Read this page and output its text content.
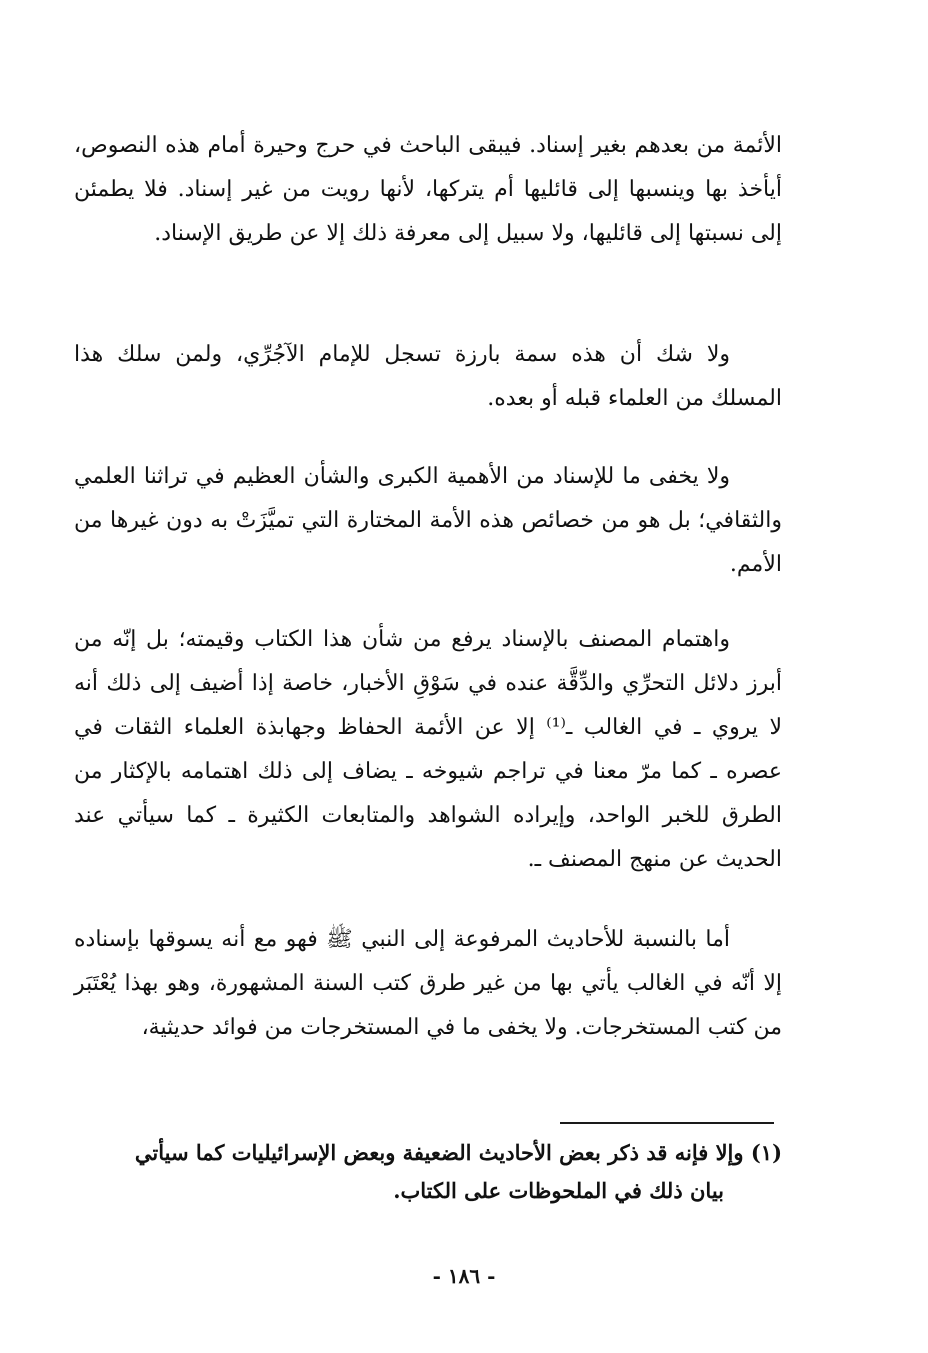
الأئمة من بعدهم بغير إسناد. فيبقى الباحث في حرج وحيرة أمام هذه النصوص، أيأخذ بها وينسبها إلى قائليها أم يتركها، لأنها رويت من غير إسناد. فلا يطمئن إلى نسبتها إلى قائليها، ولا سبيل إلى معرفة ذلك إلا عن طريق الإسناد.

ولا شك أن هذه سمة بارزة تسجل للإمام الآجُرِّي، ولمن سلك هذا المسلك من العلماء قبله أو بعده.

ولا يخفى ما للإسناد من الأهمية الكبرى والشأن العظيم في تراثنا العلمي والثقافي؛ بل هو من خصائص هذه الأمة المختارة التي تميَّزَتْ به دون غيرها من الأمم.

واهتمام المصنف بالإسناد يرفع من شأن هذا الكتاب وقيمته؛ بل إنّه من أبرز دلائل التحرِّي والدِّقَّة عنده في سَوْقِ الأخبار، خاصة إذا أضيف إلى ذلك أنه لا يروي ـ في الغالب ـ⁽¹⁾ إلا عن الأئمة الحفاظ وجهابذة العلماء الثقات في عصره ـ كما مرّ معنا في تراجم شيوخه ـ يضاف إلى ذلك اهتمامه بالإكثار من الطرق للخبر الواحد، وإيراده الشواهد والمتابعات الكثيرة ـ كما سيأتي عند الحديث عن منهج المصنف ـ.

أما بالنسبة للأحاديث المرفوعة إلى النبي ﷺ فهو مع أنه يسوقها بإسناده إلا أنّه في الغالب يأتي بها من غير طرق كتب السنة المشهورة، وهو بهذا يُعْتَبَر من كتب المستخرجات. ولا يخفى ما في المستخرجات من فوائد حديثية،

(١) وإلا فإنه قد ذكر بعض الأحاديث الضعيفة وبعض الإسرائيليات كما سيأتي
بيان ذلك في الملحوظات على الكتاب.
- ١٨٦ -
